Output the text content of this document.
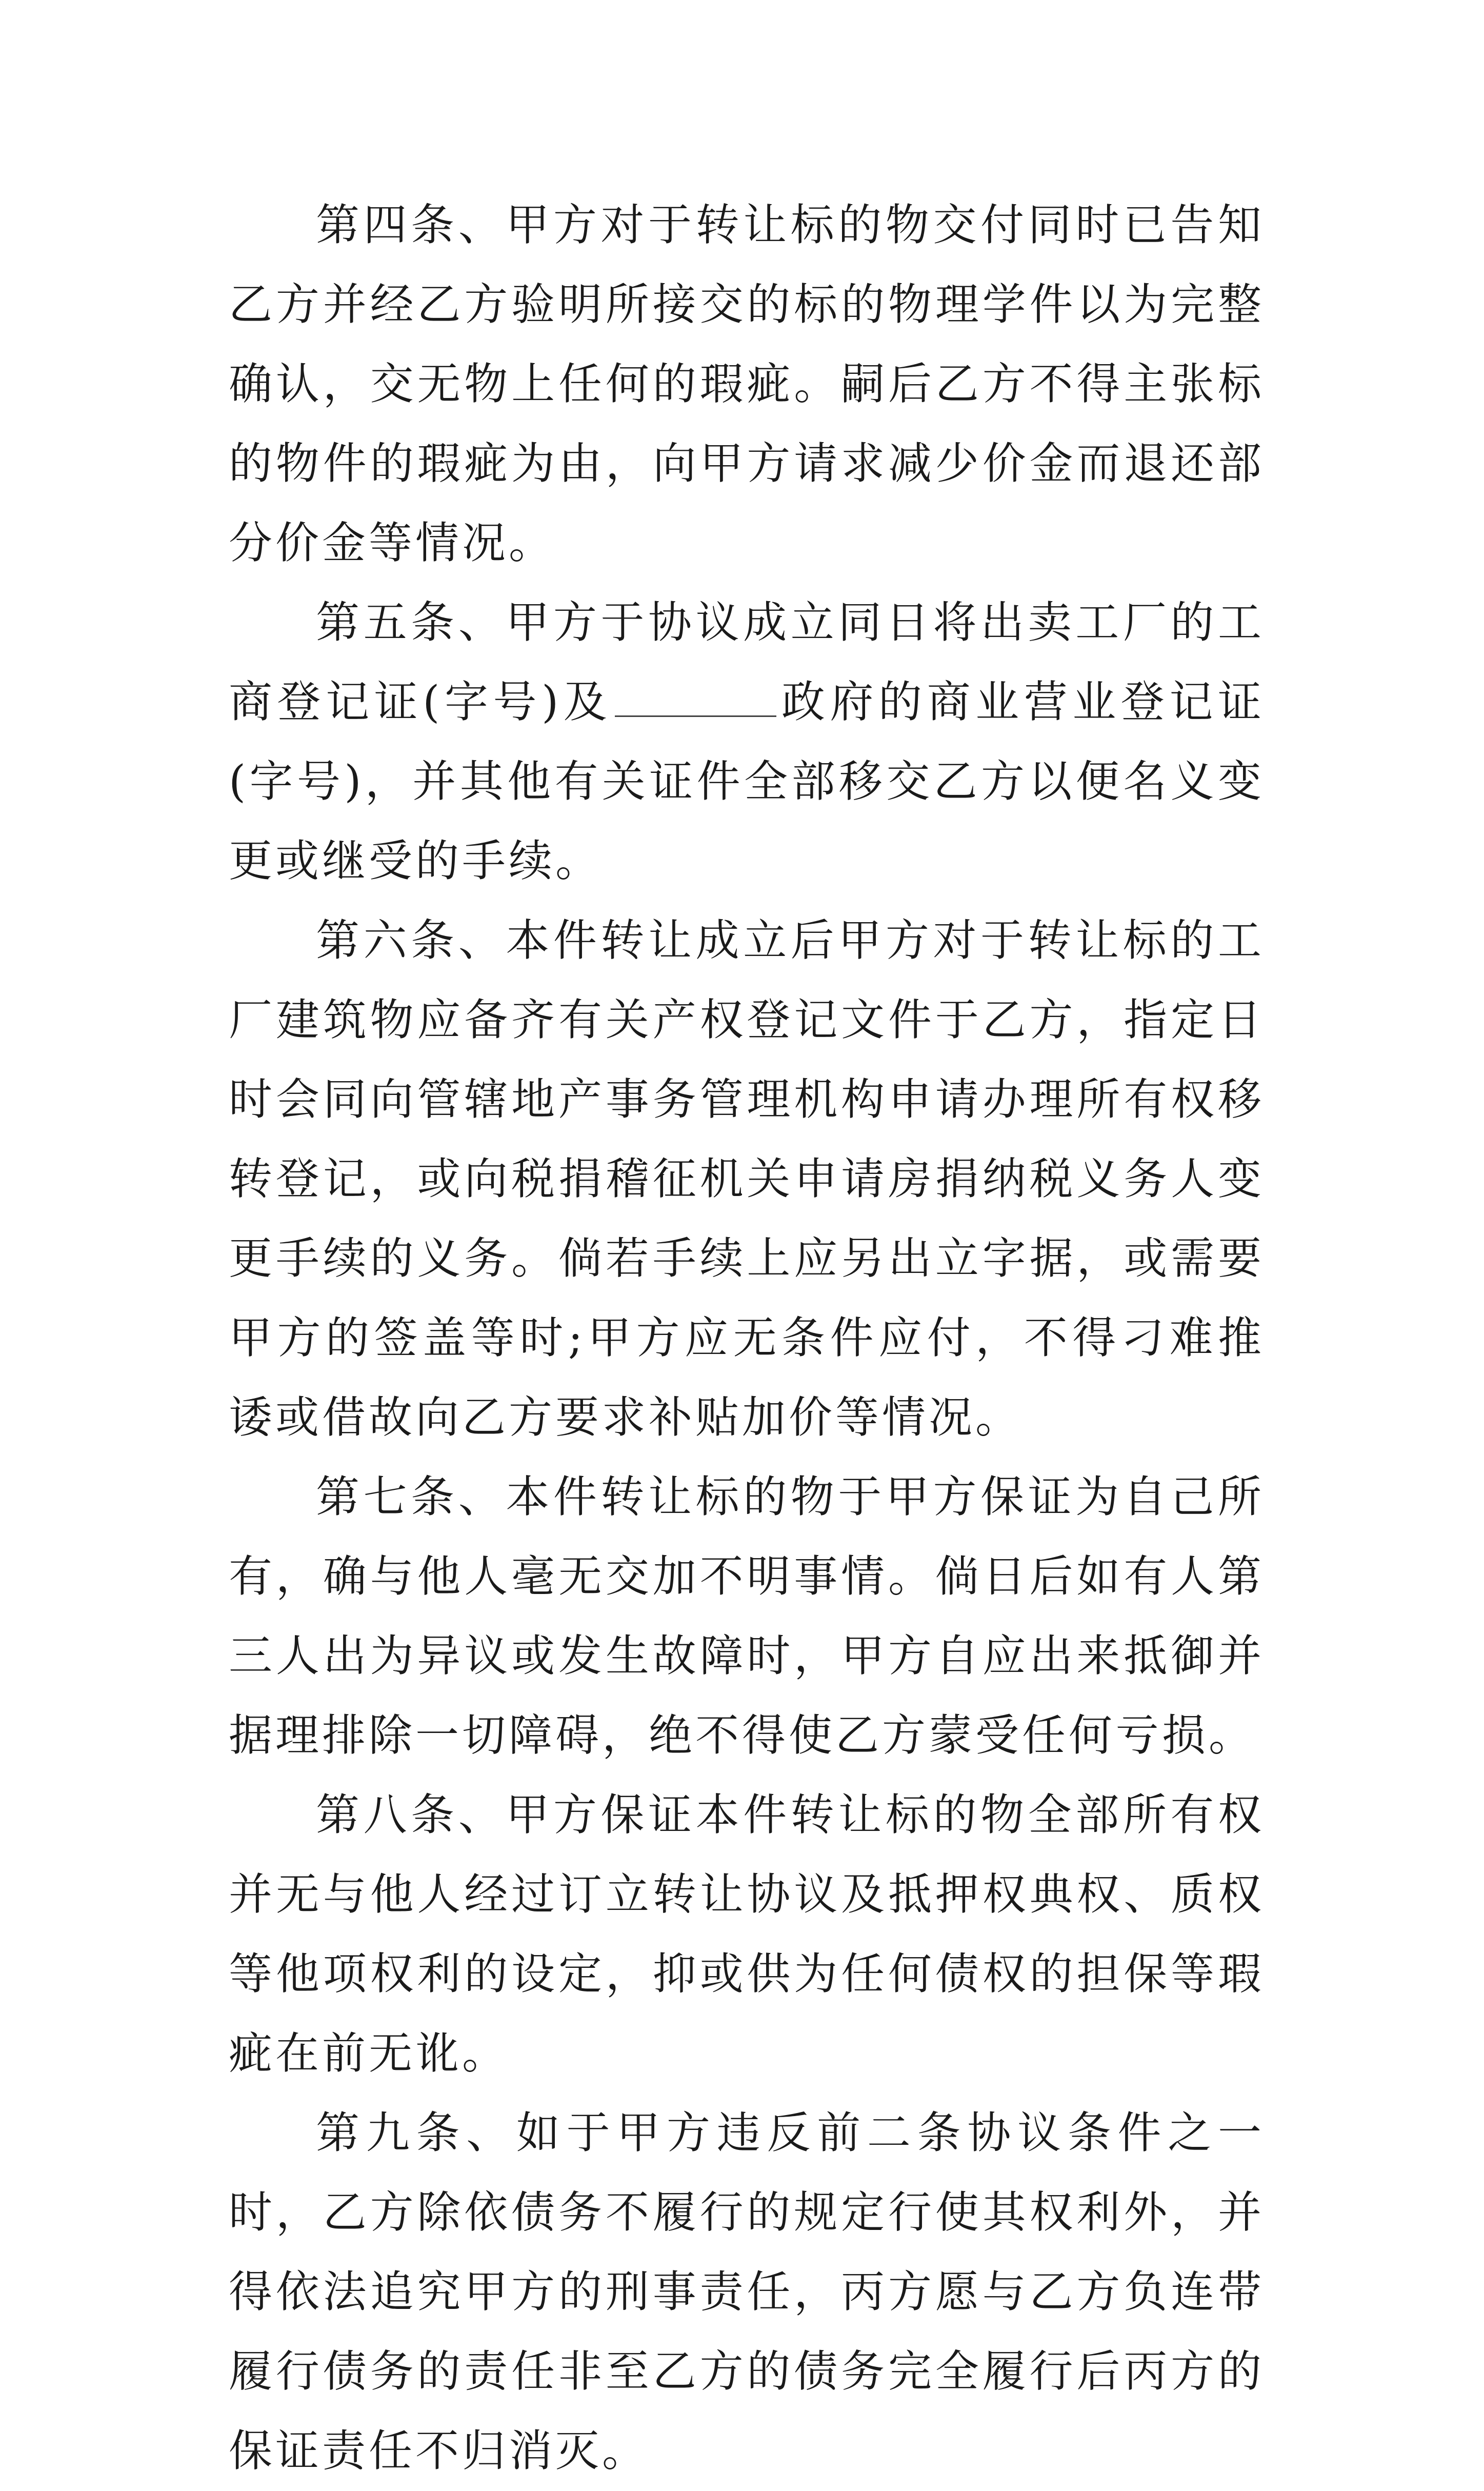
第四条、甲方对于转让标的物交付同时已告知乙方并经乙方验明所接交的标的物理学件以为完整确认，交无物上任何的瑕疵。嗣后乙方不得主张标的物件的瑕疵为由，向甲方请求减少价金而退还部分价金等情况。

第五条、甲方于协议成立同日将出卖工厂的工商登记证(字号)及	政府的商业营业登记证(字号)，并其他有关证件全部移交乙方以便名义变更或继受的手续。

第六条、本件转让成立后甲方对于转让标的工厂建筑物应备齐有关产权登记文件于乙方，指定日时会同向管辖地产事务管理机构申请办理所有权移转登记，或向税捐稽征机关申请房捐纳税义务人变更手续的义务。倘若手续上应另出立字据，或需要甲方的签盖等时;甲方应无条件应付，不得刁难推诿或借故向乙方要求补贴加价等情况。

第七条、本件转让标的物于甲方保证为自己所有，确与他人毫无交加不明事情。倘日后如有人第三人出为异议或发生故障时，甲方自应出来抵御并据理排除一切障碍，绝不得使乙方蒙受任何亏损。

第八条、甲方保证本件转让标的物全部所有权并无与他人经过订立转让协议及抵押权典权、质权等他项权利的设定，抑或供为任何债权的担保等瑕疵在前无讹。

第九条、如于甲方违反前二条协议条件之一时，乙方除依债务不履行的规定行使其权利外，并得依法追究甲方的刑事责任，丙方愿与乙方负连带履行债务的责任非至乙方的债务完全履行后丙方的保证责任不归消灭。
